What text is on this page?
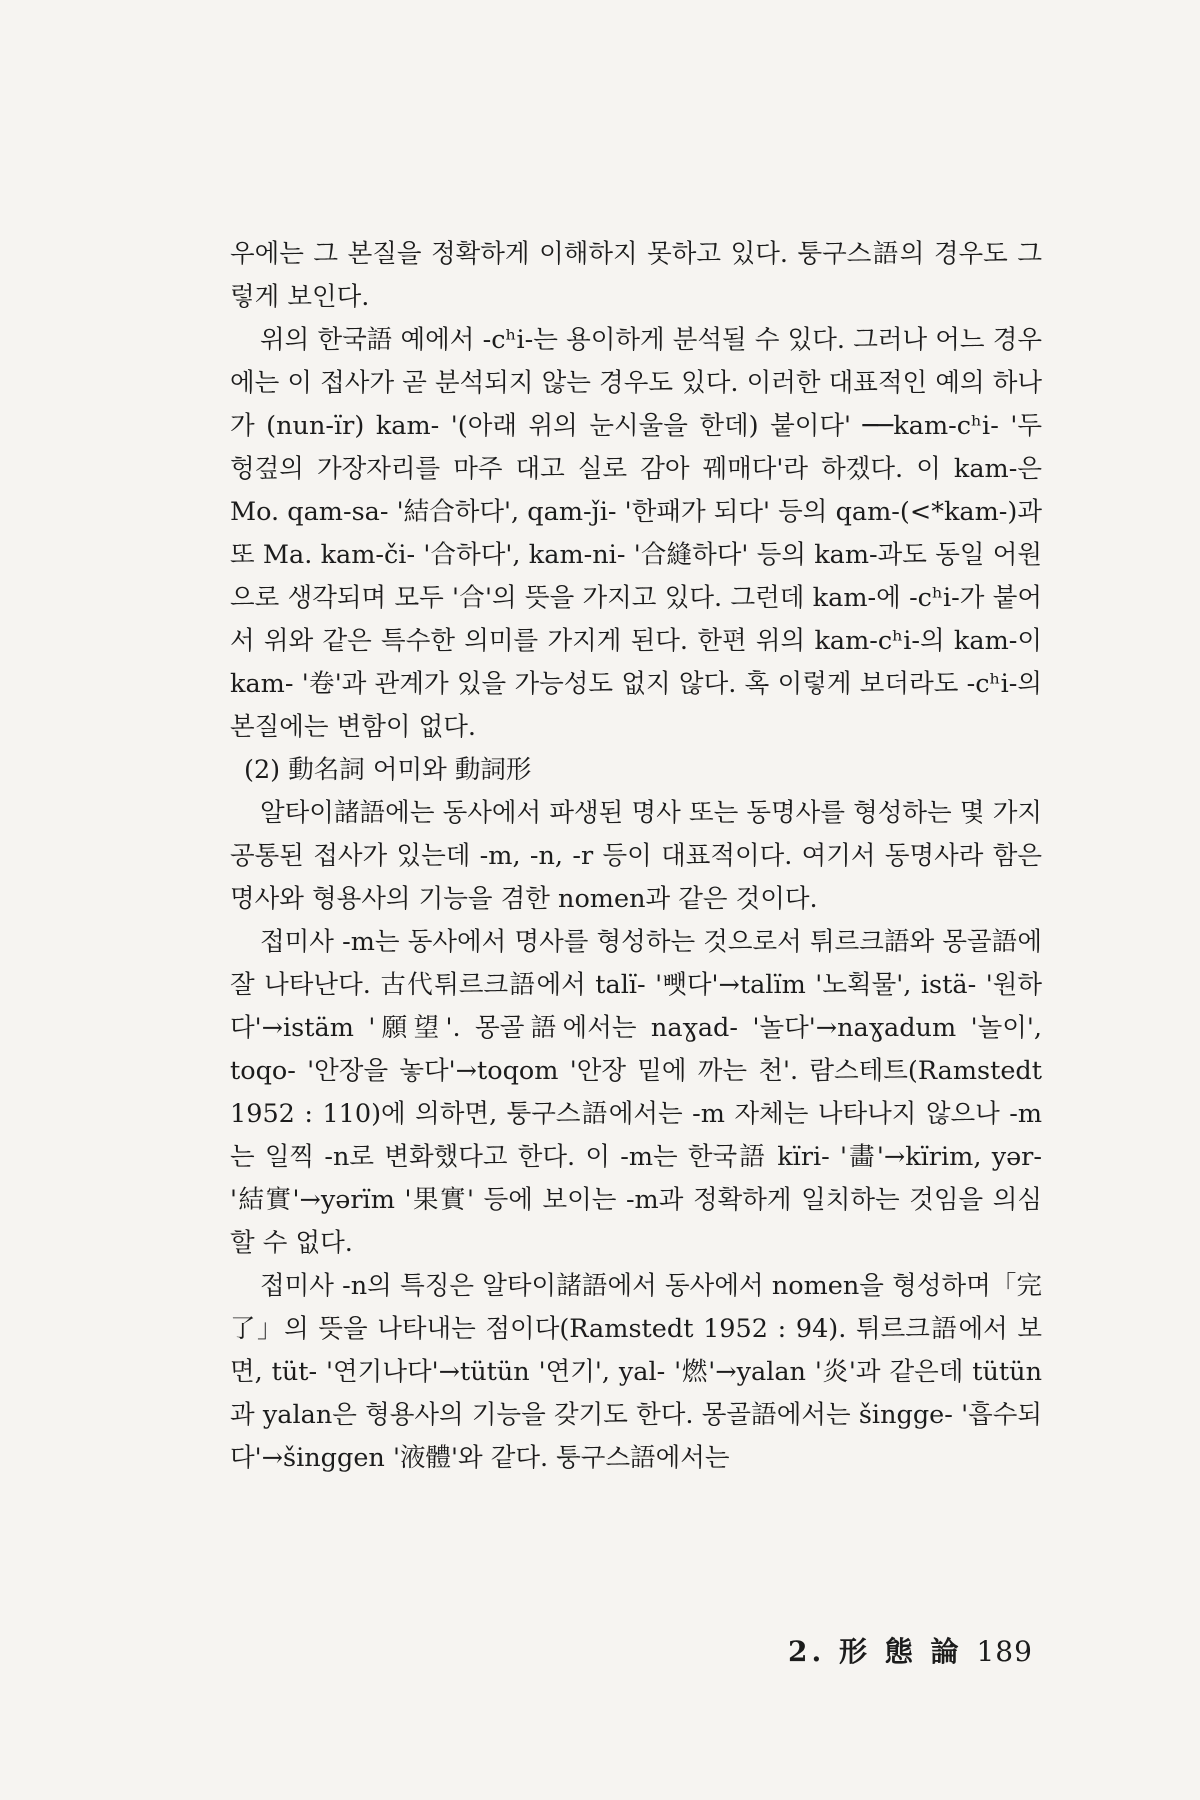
우에는 그 본질을 정확하게 이해하지 못하고 있다. 퉁구스語의 경우도 그렇게 보인다.

위의 한국語 예에서 -cʰi-는 용이하게 분석될 수 있다. 그러나 어느 경우에는 이 접사가 곧 분석되지 않는 경우도 있다. 이러한 대표적인 예의 하나가 (nun-ïr) kam- '(아래 위의 눈시울을 한데) 붙이다' ──kam-cʰi- '두 헝겊의 가장자리를 마주 대고 실로 감아 꿰매다'라 하겠다. 이 kam-은 Mo. qam-sa- '結合하다', qam-ǰi- '한패가 되다' 등의 qam-(<*kam-)과 또 Ma. kam-či- '合하다', kam-ni- '合縫하다' 등의 kam-과도 동일 어원으로 생각되며 모두 '合'의 뜻을 가지고 있다. 그런데 kam-에 -cʰi-가 붙어서 위와 같은 특수한 의미를 가지게 된다. 한편 위의 kam-cʰi-의 kam-이 kam- '卷'과 관계가 있을 가능성도 없지 않다. 혹 이렇게 보더라도 -cʰi-의 본질에는 변함이 없다.

(2) 動名詞 어미와 動詞形

알타이諸語에는 동사에서 파생된 명사 또는 동명사를 형성하는 몇 가지 공통된 접사가 있는데 -m, -n, -r 등이 대표적이다. 여기서 동명사라 함은 명사와 형용사의 기능을 겸한 nomen과 같은 것이다.

접미사 -m는 동사에서 명사를 형성하는 것으로서 튀르크語와 몽골語에 잘 나타난다. 古代튀르크語에서 talï- '뺏다'→talïm '노획물', istä- '원하다'→istäm '願望'. 몽골語에서는 naɣad- '놀다'→naɣadum '놀이', toqo- '안장을 놓다'→toqom '안장 밑에 까는 천'. 람스테트(Ramstedt 1952 : 110)에 의하면, 퉁구스語에서는 -m 자체는 나타나지 않으나 -m는 일찍 -n로 변화했다고 한다. 이 -m는 한국語 kïri- '畵'→kïrim, yər- '結實'→yərïm '果實' 등에 보이는 -m과 정확하게 일치하는 것임을 의심할 수 없다.

접미사 -n의 특징은 알타이諸語에서 동사에서 nomen을 형성하며「完了」의 뜻을 나타내는 점이다(Ramstedt 1952 : 94). 튀르크語에서 보면, tüt- '연기나다'→tütün '연기', yal- '燃'→yalan '炎'과 같은데 tütün과 yalan은 형용사의 기능을 갖기도 한다. 몽골語에서는 šingge- '흡수되다'→šinggen '液體'와 같다. 퉁구스語에서는

2. 形 態 論 189
